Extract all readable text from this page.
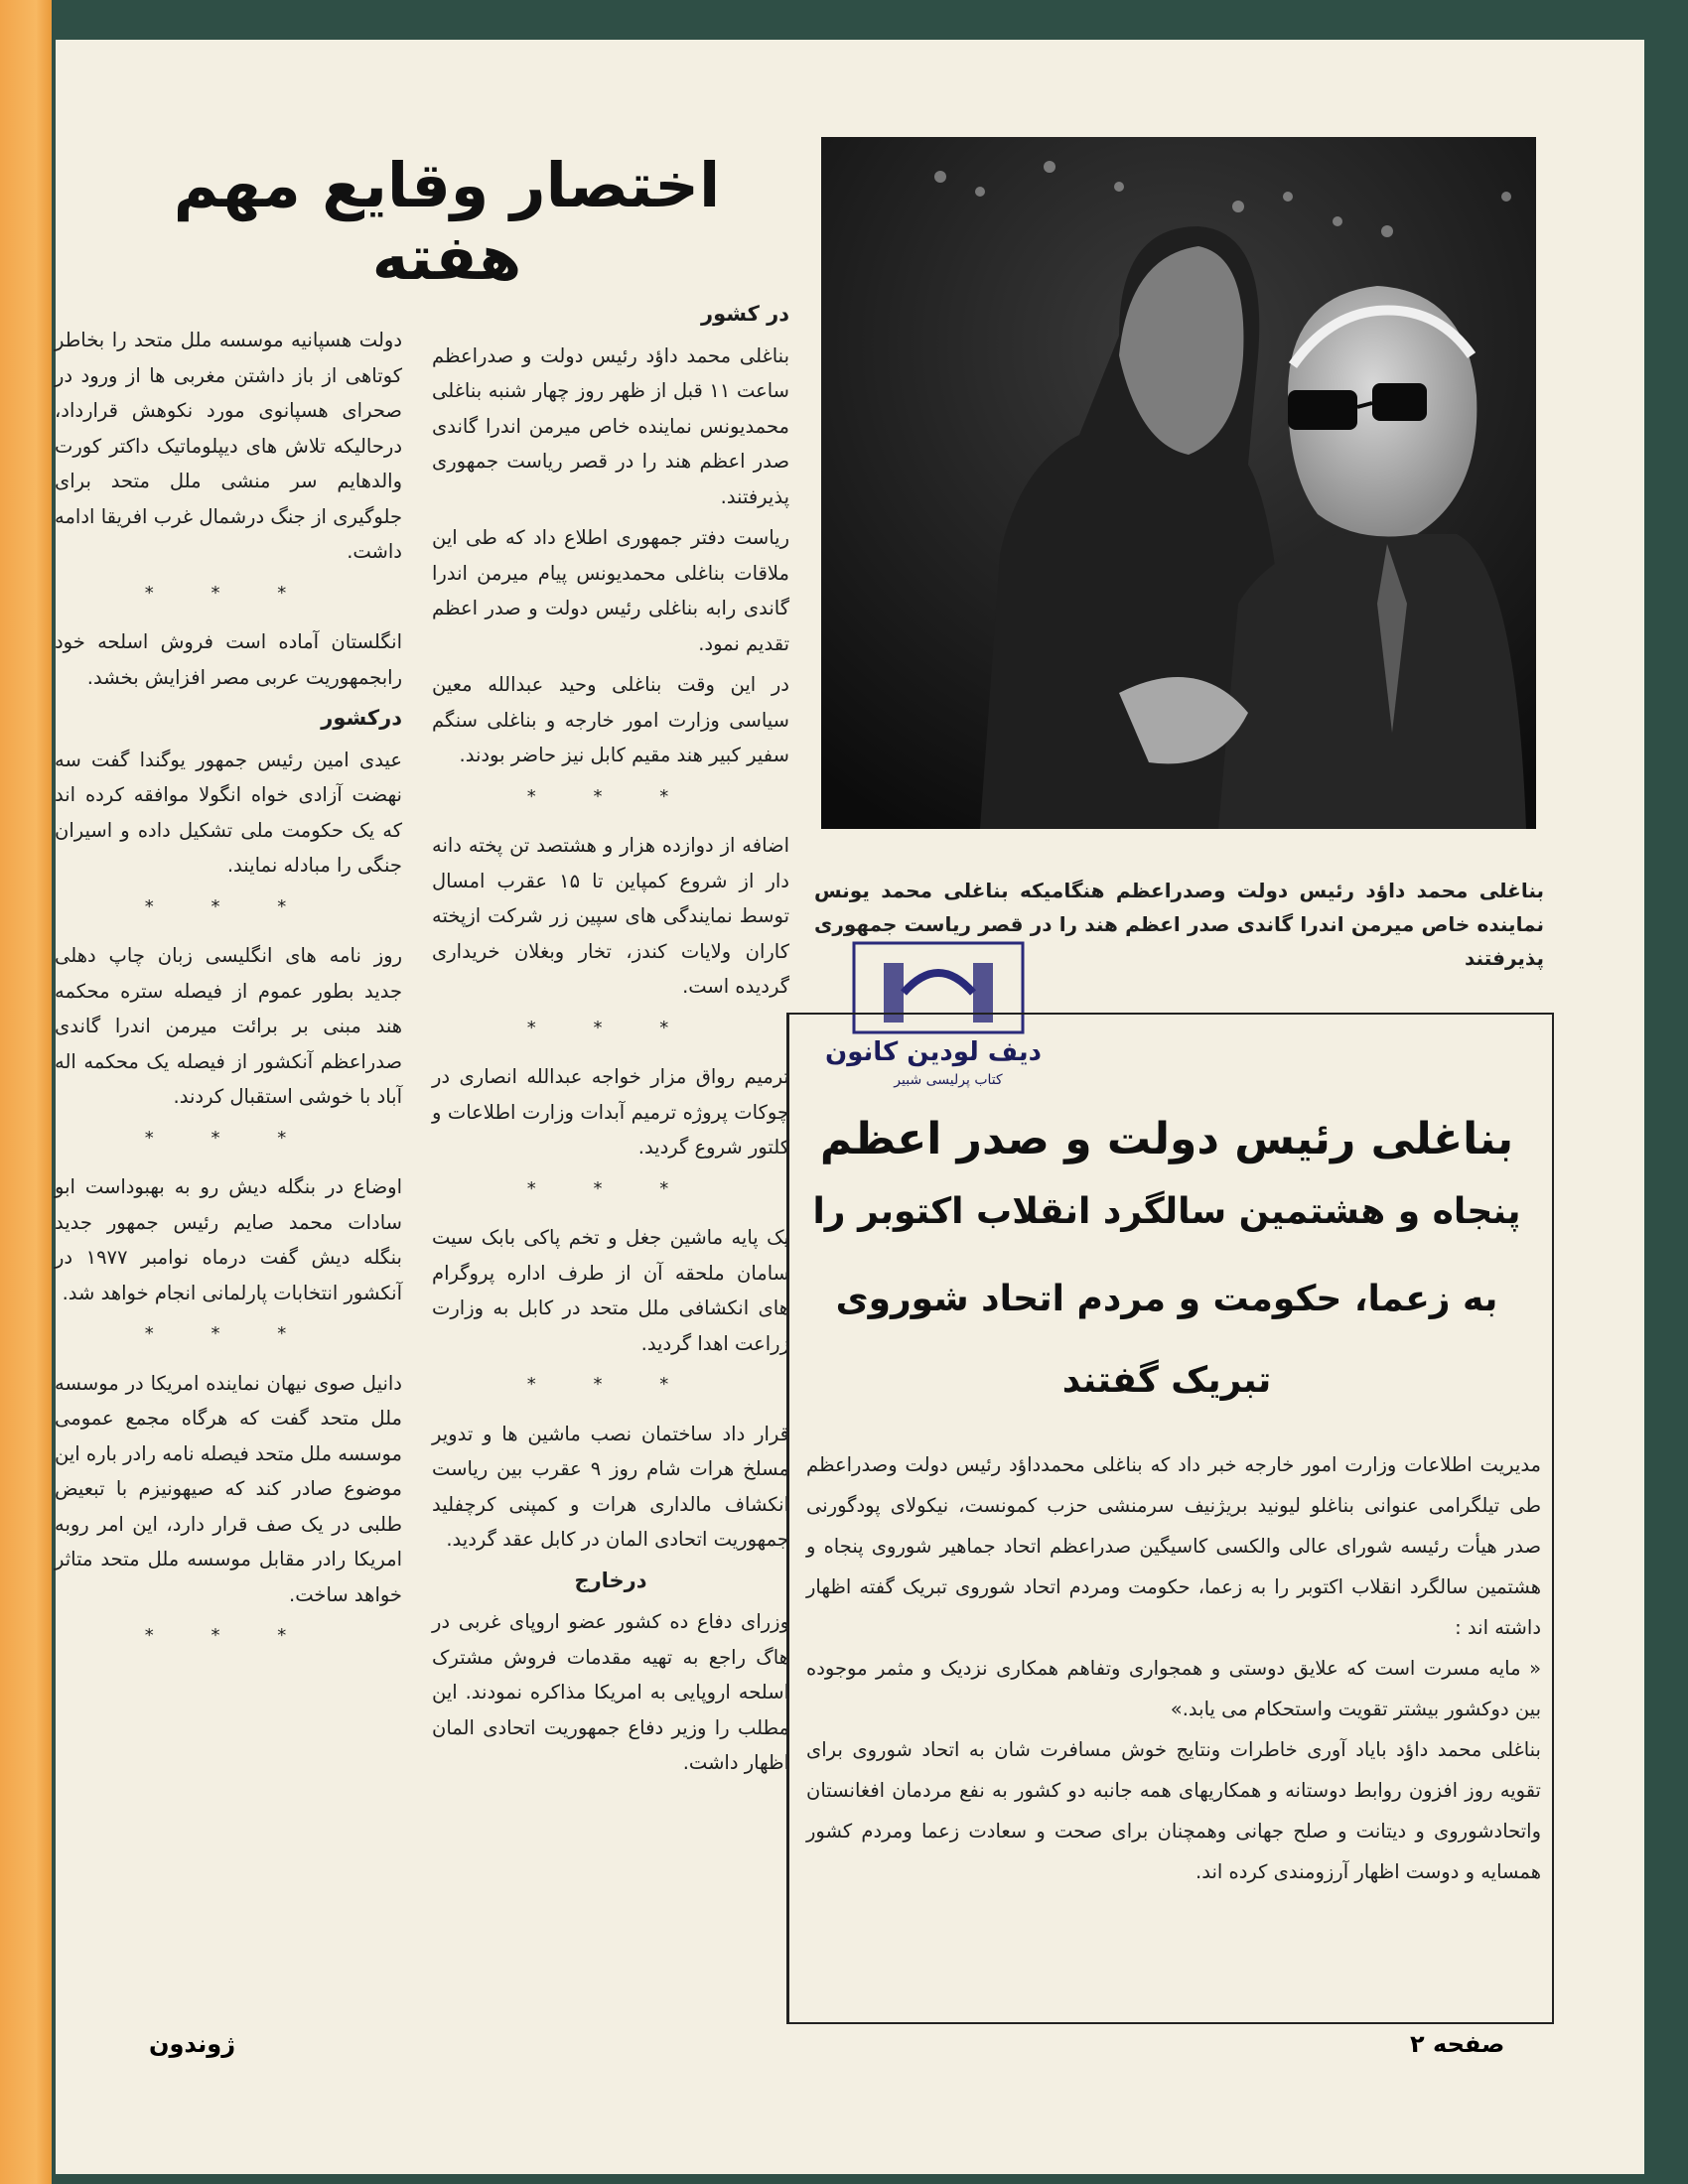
اختصار وقایع مهم هفته

دولت هسپانیه موسسه ملل متحد را بخاطر کوتاهی از باز داشتن مغربی ها از ورود در صحرای هسپانوی مورد نکوهش قرارداد، درحالیکه تلاش های دیپلوماتیک داکتر کورت والدهایم سر منشی ملل متحد برای جلوگیری از جنگ درشمال غرب افریقا ادامه داشت.

* * *

انگلستان آماده است فروش اسلحه خود رابجمهوریت عربی مصر افزایش بخشد.

درکشور

عیدی امین رئیس جمهور یوگندا گفت سه نهضت آزادی خواه انگولا موافقه کرده اند که یک حکومت ملی تشکیل داده و اسیران جنگی را مبادله نمایند.

* * *

روز نامه های انگلیسی زبان چاپ دهلی جدید بطور عموم از فیصله ستره محکمه هند مبنی بر برائت میرمن اندرا گاندی صدراعظم آنکشور از فیصله یک محکمه اله آباد با خوشی استقبال کردند.

* * *

اوضاع در بنگله دیش رو به بهبوداست ابو سادات محمد صایم رئیس جمهور جدید بنگله دیش گفت درماه نوامبر ۱۹۷۷ در آنکشور انتخابات پارلمانی انجام خواهد شد.

* * *

دانیل صوی نیهان نماینده امریکا در موسسه ملل متحد گفت که هرگاه مجمع عمومی موسسه ملل متحد فیصله نامه رادر باره این موضوع صادر کند که صیهونیزم با تبعیض طلبی در یک صف قرار دارد، این امر روبه امریکا رادر مقابل موسسه ملل متحد متاثر خواهد ساخت.

* * *
در کشور

بناغلی محمد داؤد رئیس دولت و صدراعظم ساعت ۱۱ قبل از ظهر روز چهار شنبه بناغلی محمدیونس نماینده خاص میرمن اندرا گاندی صدر اعظم هند را در قصر ریاست جمهوری پذیرفتند.

ریاست دفتر جمهوری اطلاع داد که طی این ملاقات بناغلی محمدیونس پیام میرمن اندرا گاندی رابه بناغلی رئیس دولت و صدر اعظم تقدیم نمود.

در این وقت بناغلی وحید عبدالله معین سیاسی وزارت امور خارجه و بناغلی سنگم سفیر کبیر هند مقیم کابل نیز حاضر بودند.

* * *

اضافه از دوازده هزار و هشتصد تن پخته دانه دار از شروع کمپاین تا ۱۵ عقرب امسال توسط نمایندگی های سپین زر شرکت ازپخته کاران ولایات کندز، تخار وبغلان خریداری گردیده است.

* * *

ترمیم رواق مزار خواجه عبدالله انصاری در چوکات پروژه ترمیم آبدات وزارت اطلاعات و کلتور شروع گردید.

* * *

یک پایه ماشین جغل و تخم پاکی بابک سیت سامان ملحقه آن از طرف اداره پروگرام های انکشافی ملل متحد در کابل به وزارت زراعت اهدا گردید.

* * *

قرار داد ساختمان نصب ماشین ها و تدویر مسلخ هرات شام روز ۹ عقرب بین ریاست انکشاف مالداری هرات و کمپنی کرچفلید جمهوریت اتحادی المان در کابل عقد گردید.

درخارج

وزرای دفاع ده کشور عضو اروپای غربی در هاگ راجع به تهیه مقدمات فروش مشترک اسلحه اروپایی به امریکا مذاکره نمودند. این مطلب را وزیر دفاع جمهوریت اتحادی المان اظهار داشت.

بناغلی محمد داؤد رئیس دولت وصدراعظم هنگامیکه بناغلی محمد یونس نماینده خاص میرمن اندرا گاندی صدر اعظم هند را در قصر ریاست جمهوری پذیرفتند
دیف لودین کانون
کتاب پرلیسی شبیر
بناغلی رئیس دولت و صدر اعظم
پنجاه و هشتمین سالگرد انقلاب اکتوبر را
به زعما، حکومت و مردم اتحاد شوروی
تبریک گفتند

مدیریت اطلاعات وزارت امور خارجه خبر داد که بناغلی محمدداؤد رئیس دولت وصدراعظم طی تیلگرامی عنوانی بناغلو لیونید بریژنیف سرمنشی حزب کمونست، نیکولای پودگورنی صدر هیأت رئیسه شورای عالی والکسی کاسیگین صدراعظم اتحاد جماهیر شوروی پنجاه و هشتمین سالگرد انقلاب اکتوبر را به زعما، حکومت ومردم اتحاد شوروی تبریک گفته اظهار داشته اند :

« مایه مسرت است که علایق دوستی و همجواری وتفاهم همکاری نزدیک و مثمر موجوده بین دوکشور بیشتر تقویت واستحکام می یابد.»

بناغلی محمد داؤد باياد آوری خاطرات ونتایج خوش مسافرت شان به اتحاد شوروی برای تقویه روز افزون روابط دوستانه و همکاریهای همه جانبه دو کشور به نفع مردمان افغانستان واتحادشوروی و دیتانت و صلح جهانی وهمچنان برای صحت و سعادت زعما ومردم کشور همسایه و دوست اظهار آرزومندی کرده اند.

صفحه ۲
ژوندون
